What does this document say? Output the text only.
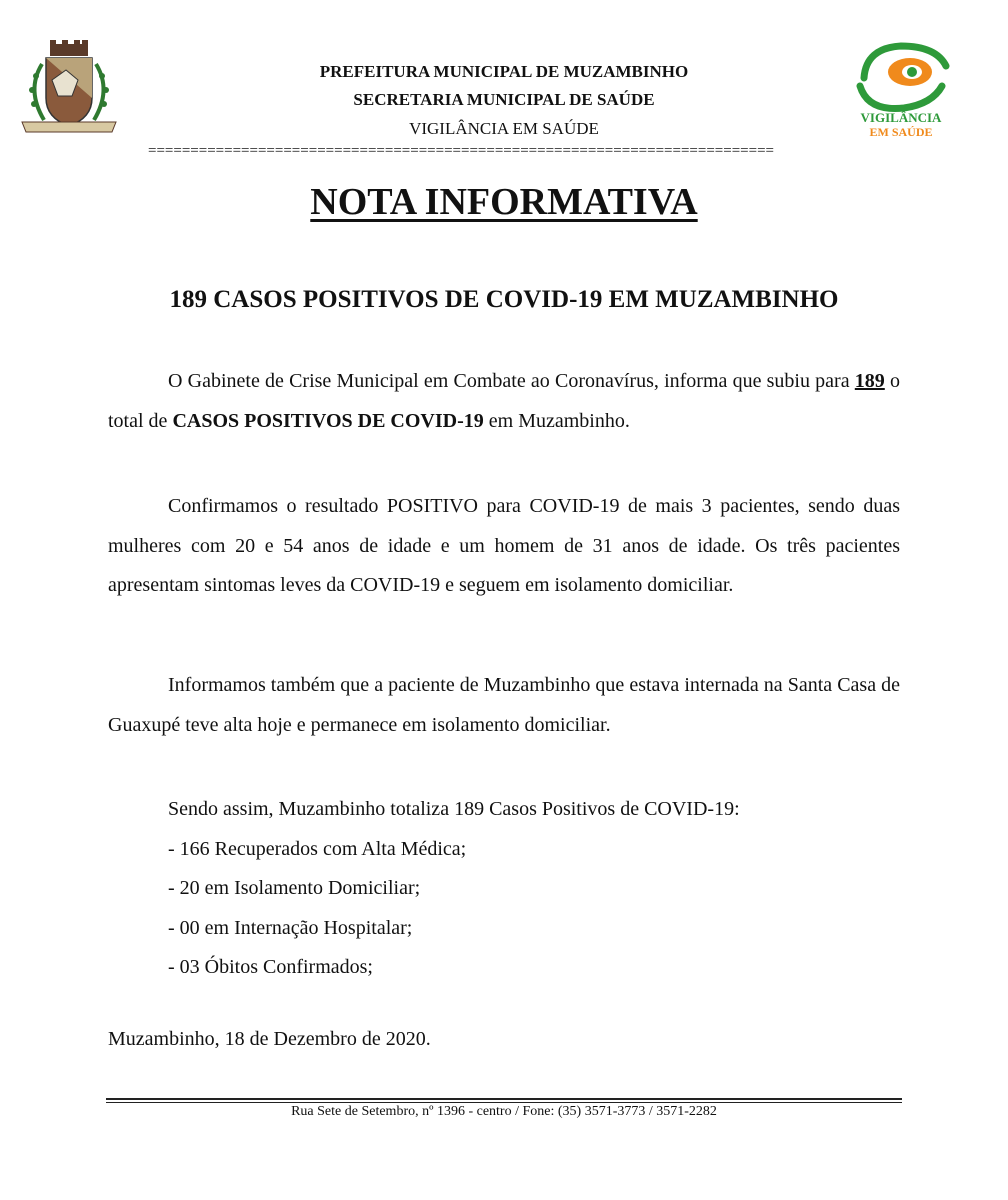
VIGILÂNCIA
EM SAÚDE
PREFEITURA MUNICIPAL DE MUZAMBINHO
SECRETARIA MUNICIPAL DE SAÚDE
VIGILÂNCIA EM SAÚDE
==========================================================================
NOTA INFORMATIVA
189 CASOS POSITIVOS DE COVID-19 EM MUZAMBINHO
O Gabinete de Crise Municipal em Combate ao Coronavírus, informa que subiu para 189 o total de CASOS POSITIVOS DE COVID-19 em Muzambinho.
Confirmamos o resultado POSITIVO para COVID-19 de mais 3 pacientes, sendo duas mulheres com 20 e 54 anos de idade e um homem de 31 anos de idade. Os três pacientes apresentam sintomas leves da COVID-19 e seguem em isolamento domiciliar.
Informamos também que a paciente de Muzambinho que estava internada na Santa Casa de Guaxupé teve alta hoje e permanece em isolamento domiciliar.
Sendo assim, Muzambinho totaliza 189 Casos Positivos de COVID-19:
- 166 Recuperados com Alta Médica;
- 20 em Isolamento Domiciliar;
- 00 em Internação Hospitalar;
- 03 Óbitos Confirmados;
Muzambinho, 18 de Dezembro de 2020.
Rua Sete de Setembro, nº 1396 - centro / Fone: (35) 3571-3773 / 3571-2282
